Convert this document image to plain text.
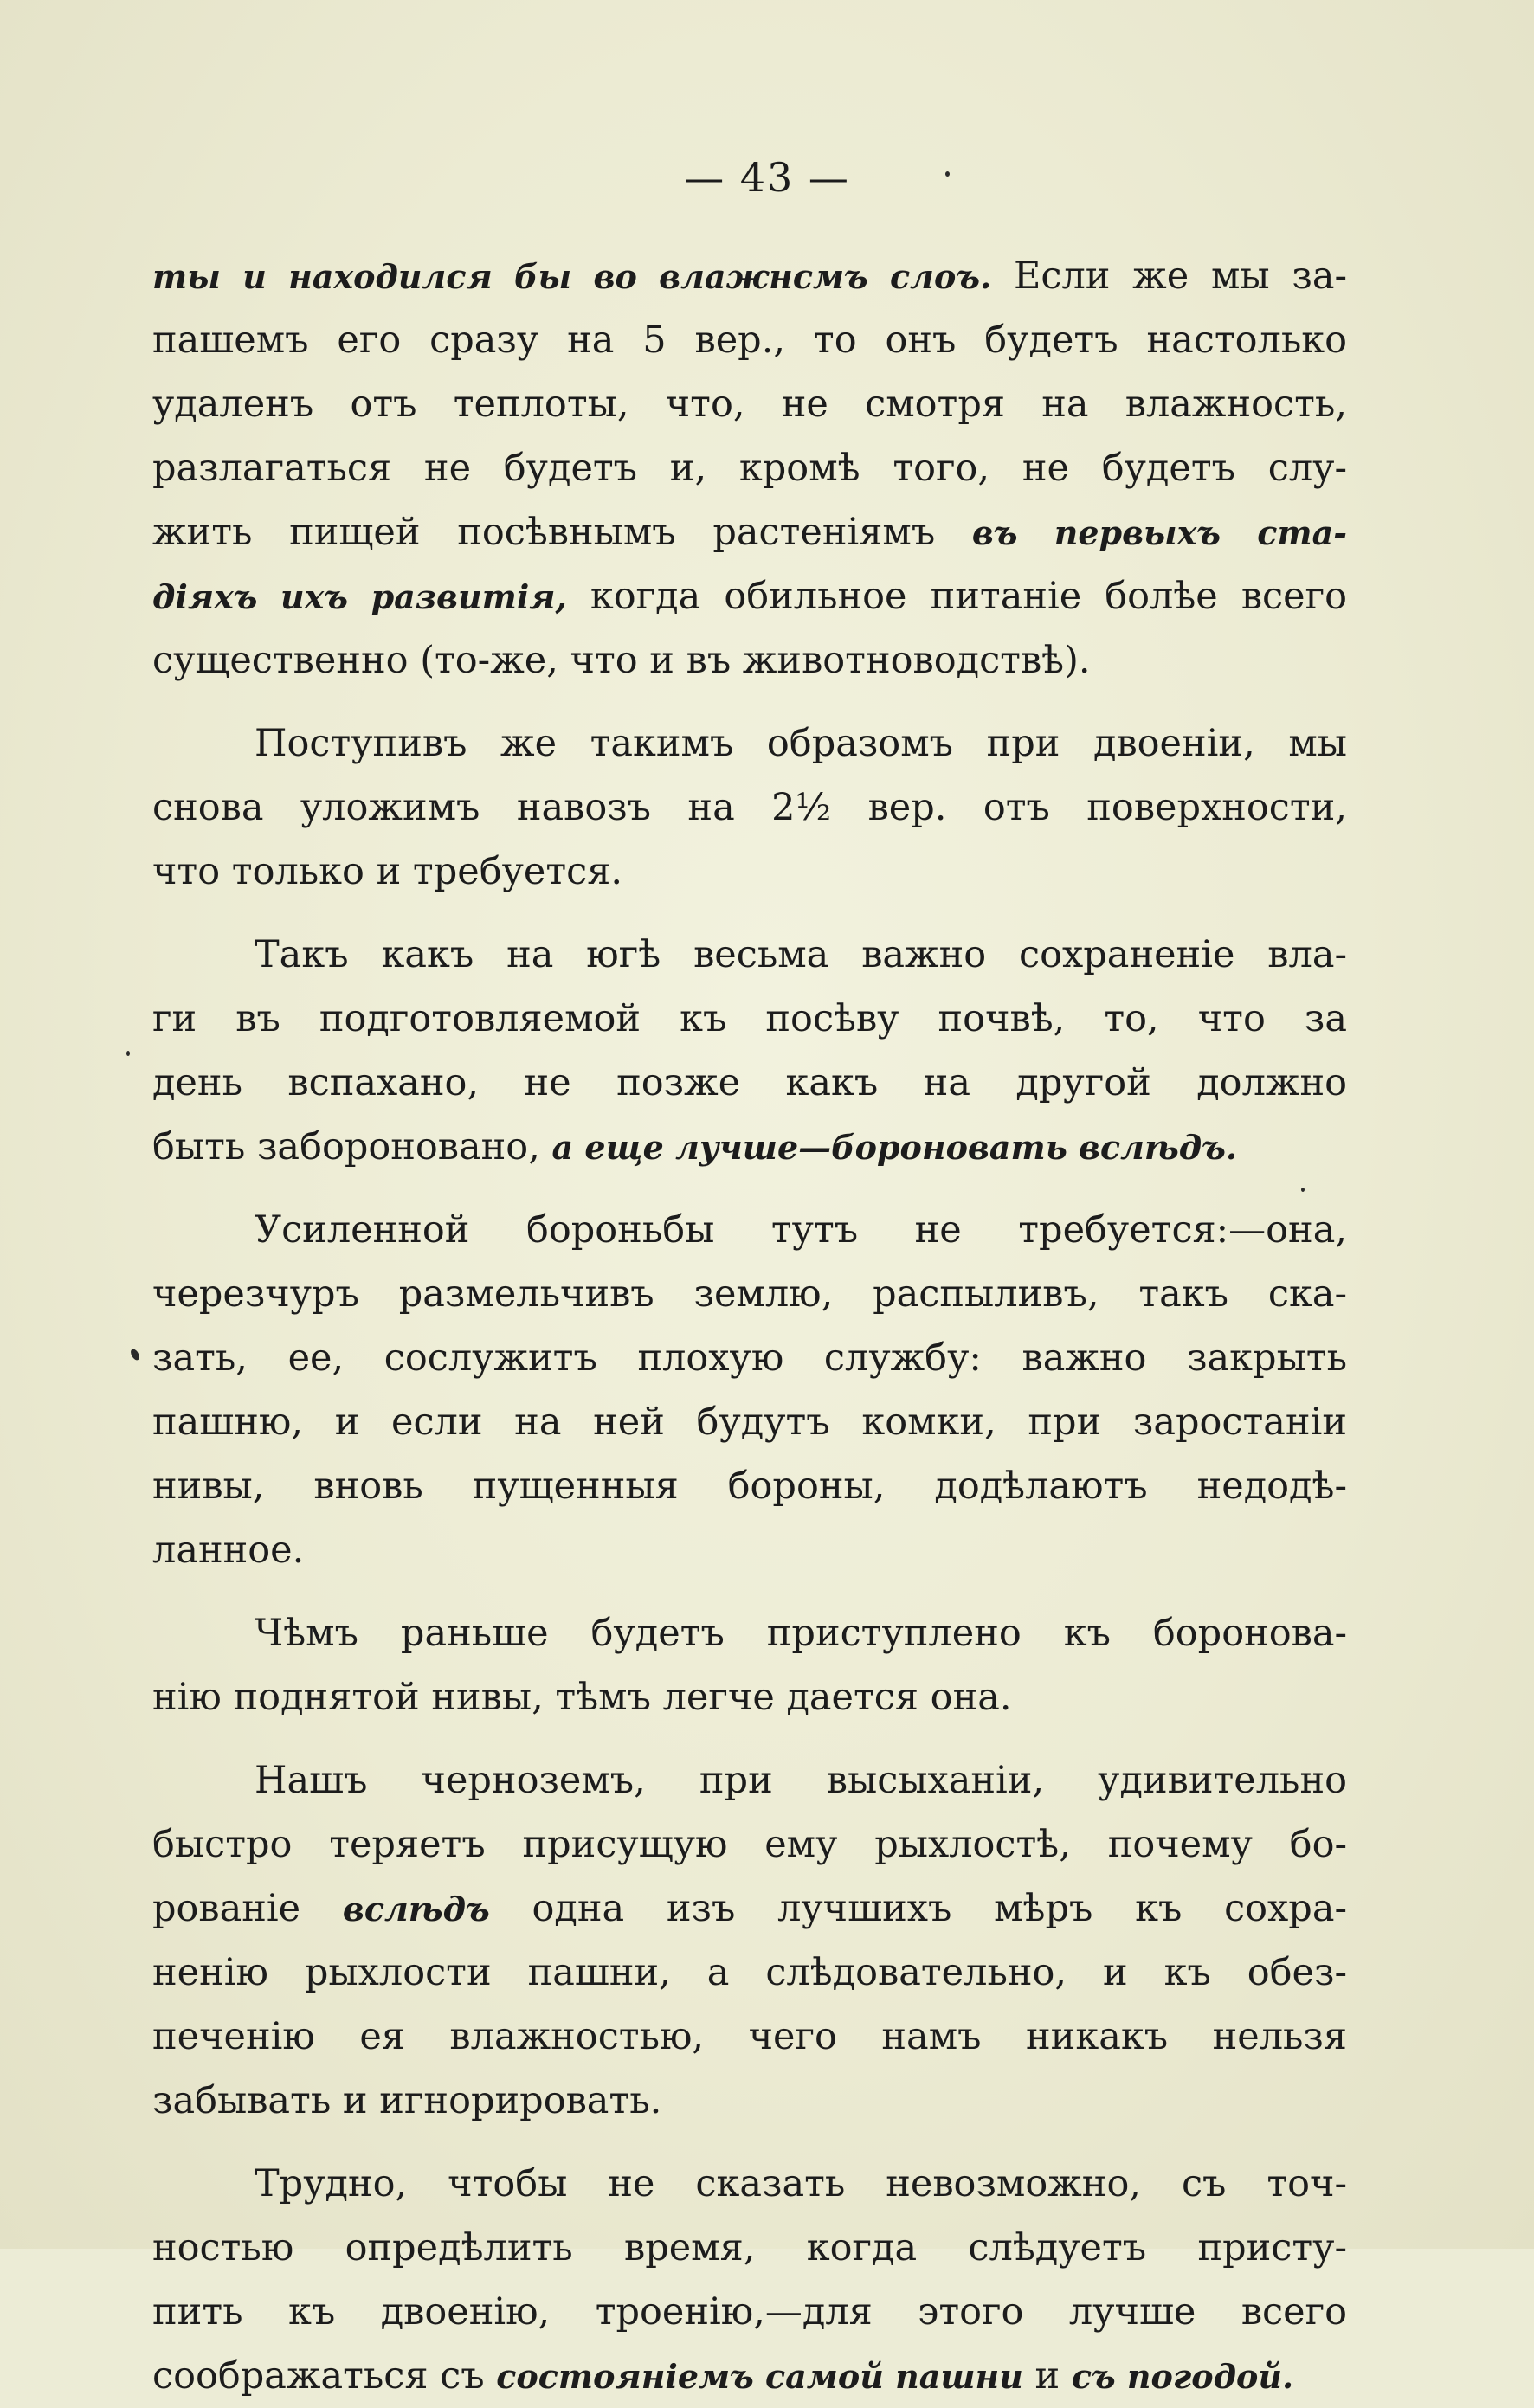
— 43 —
ты и находился бы во влажнсмъ слоъ. Если же мы за-
пашемъ его сразу на 5 вер., то онъ будетъ настолько
удаленъ отъ теплоты, что, не смотря на влажность,
разлагаться не будетъ и, кромѣ того, не будетъ слу-
жить пищей посѣвнымъ растеніямъ въ первыхъ ста-
діяхъ ихъ развитія, когда обильное питаніе болѣе всего
существенно (то-же, что и въ животноводствѣ).
Поступивъ же такимъ образомъ при двоеніи, мы
снова уложимъ навозъ на 2½ вер. отъ поверхности,
что только и требуется.
Такъ какъ на югѣ весьма важно сохраненіе вла-
ги въ подготовляемой къ посѣву почвѣ, то, что за
день вспахано, не позже какъ на другой должно
быть заборонованo, а еще лучше—бороновать вслѣдъ.
Усиленной бороньбы тутъ не требуется:—она,
черезчуръ размельчивъ землю, распыливъ, такъ ска-
зать, ее, сослужитъ плохую службу: важно закрыть
пашню, и если на ней будутъ комки, при заростаніи
нивы, вновь пущенныя бороны, додѣлаютъ недодѣ-
ланное.
Чѣмъ раньше будетъ приступлено къ боронова-
нію поднятой нивы, тѣмъ легче дается она.
Нашъ черноземъ, при высыханіи, удивительно
быстро теряетъ присущую ему рыхлостѣ, почему бо-
рованіе вслѣдъ одна изъ лучшихъ мѣръ къ сохра-
ненію рыхлости пашни, а слѣдовательно, и къ обез-
печенію ея влажностью, чего намъ никакъ нельзя
забывать и игнорировать.
Трудно, чтобы не сказать невозможно, съ точ-
ностью опредѣлить время, когда слѣдуетъ присту-
пить къ двоенію, троенію,—для этого лучше всего
соображаться съ состояніемъ самой пашни и съ погодой.
